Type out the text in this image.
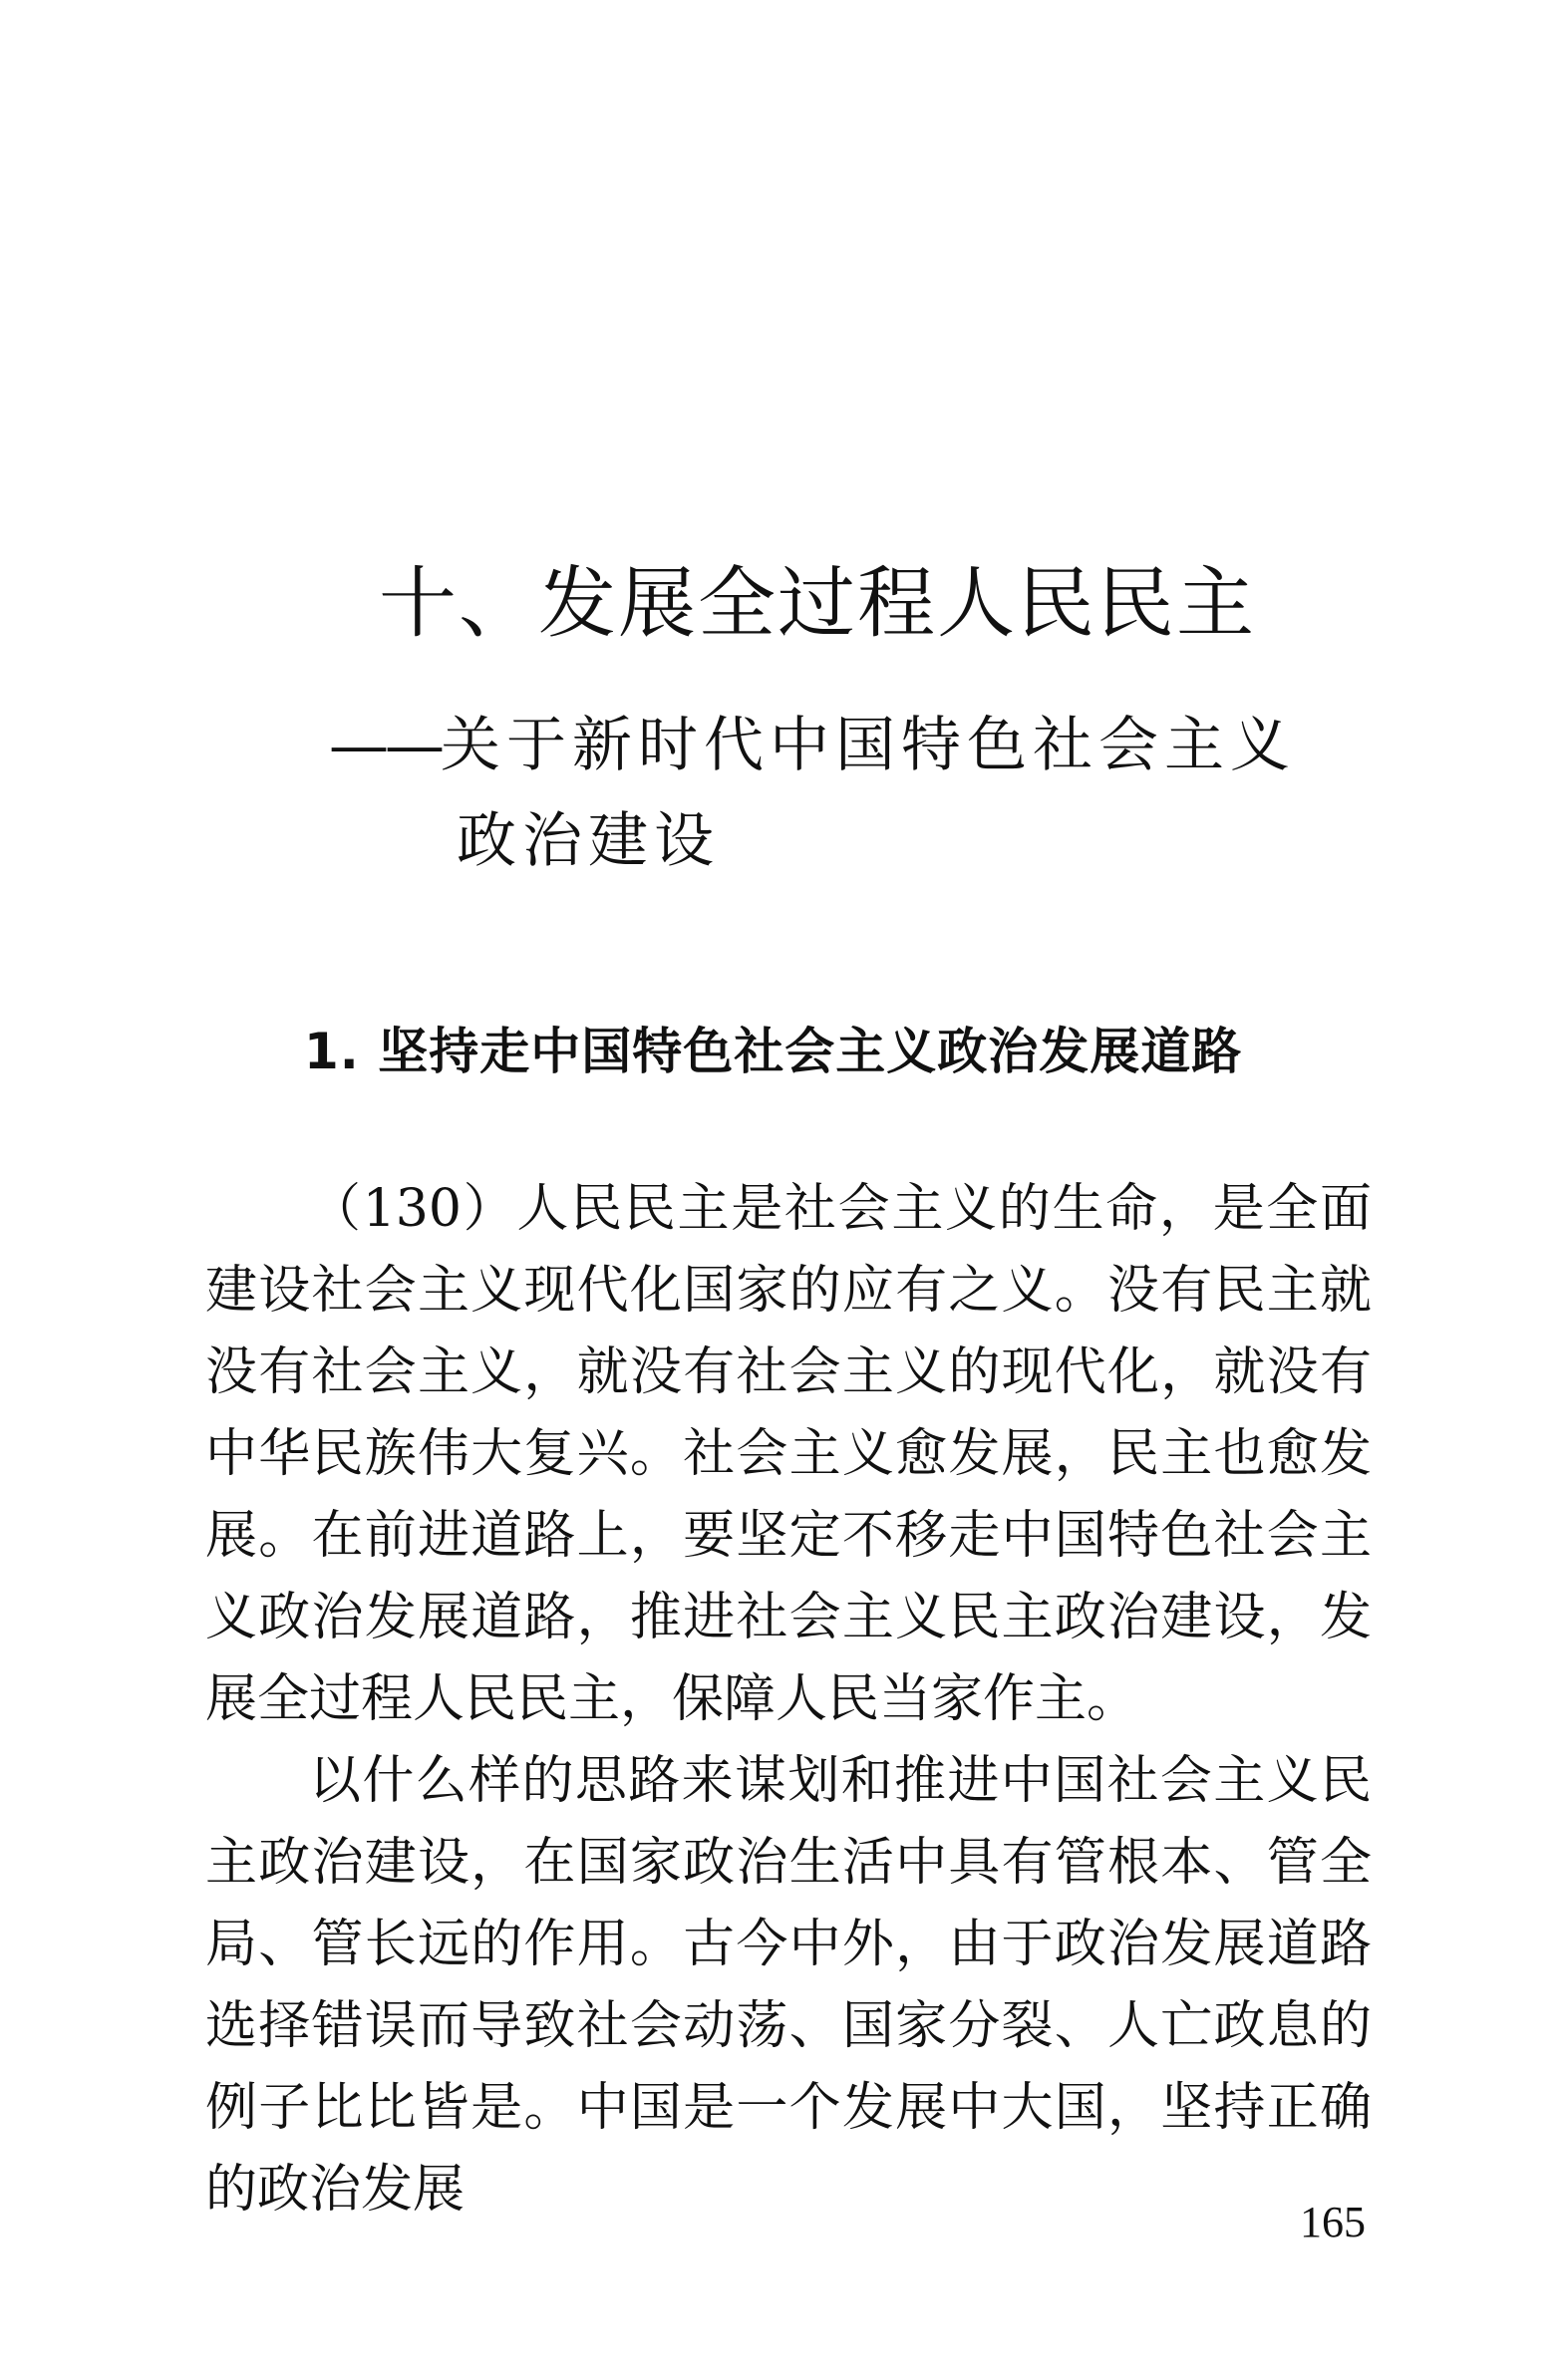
十、发展全过程人民民主
——关于新时代中国特色社会主义
政治建设
1. 坚持走中国特色社会主义政治发展道路

（130）人民民主是社会主义的生命，是全面建设社会主义现代化国家的应有之义。没有民主就没有社会主义，就没有社会主义的现代化，就没有中华民族伟大复兴。社会主义愈发展，民主也愈发展。在前进道路上，要坚定不移走中国特色社会主义政治发展道路，推进社会主义民主政治建设，发展全过程人民民主，保障人民当家作主。

以什么样的思路来谋划和推进中国社会主义民主政治建设，在国家政治生活中具有管根本、管全局、管长远的作用。古今中外，由于政治发展道路选择错误而导致社会动荡、国家分裂、人亡政息的例子比比皆是。中国是一个发展中大国，坚持正确的政治发展

165
